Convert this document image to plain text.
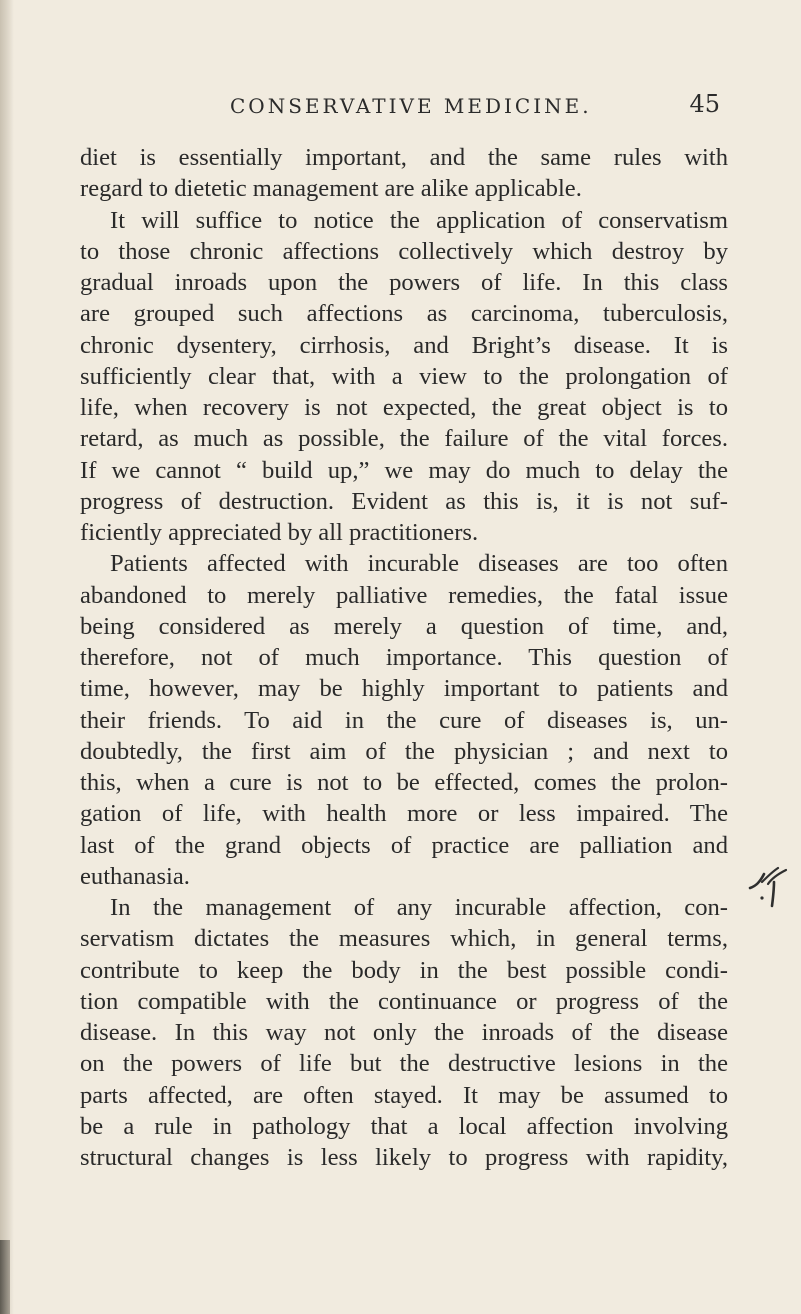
CONSERVATIVE MEDICINE.	45
diet is essentially important, and the same rules with
regard to dietetic management are alike applicable.
It will suffice to notice the application of conservatism
to those chronic affections collectively which destroy by
gradual inroads upon the powers of life. In this class
are grouped such affections as carcinoma, tuberculosis,
chronic dysentery, cirrhosis, and Bright’s disease. It is
sufficiently clear that, with a view to the prolongation of
life, when recovery is not expected, the great object is to
retard, as much as possible, the failure of the vital forces.
If we cannot “ build up,” we may do much to delay the
progress of destruction. Evident as this is, it is not suf-
ficiently appreciated by all practitioners.
Patients affected with incurable diseases are too often
abandoned to merely palliative remedies, the fatal issue
being considered as merely a question of time, and,
therefore, not of much importance. This question of
time, however, may be highly important to patients and
their friends. To aid in the cure of diseases is, un-
doubtedly, the first aim of the physician ; and next to
this, when a cure is not to be effected, comes the prolon-
gation of life, with health more or less impaired. The
last of the grand objects of practice are palliation and
euthanasia.
In the management of any incurable affection, con-
servatism dictates the measures which, in general terms,
contribute to keep the body in the best possible condi-
tion compatible with the continuance or progress of the
disease. In this way not only the inroads of the disease
on the powers of life but the destructive lesions in the
parts affected, are often stayed. It may be assumed to
be a rule in pathology that a local affection involving
structural changes is less likely to progress with rapidity,
